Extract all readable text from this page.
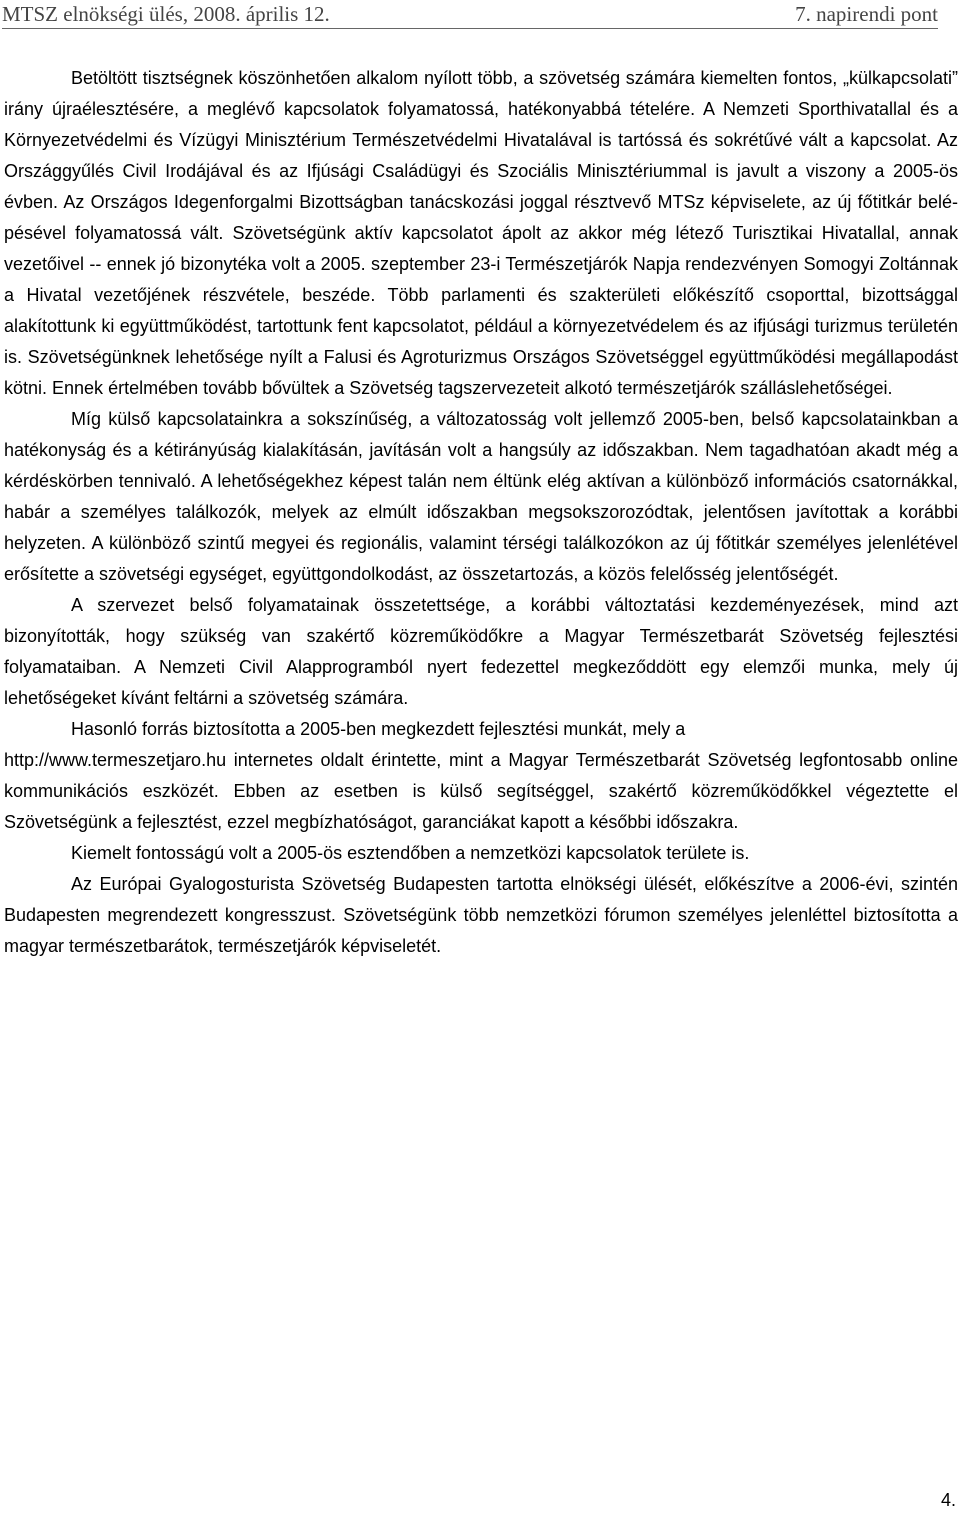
MTSZ elnökségi ülés, 2008. április 12.	7. napirendi pont

Betöltött tisztségnek köszönhetően alkalom nyílott több, a szövetség számára kiemelten fontos, „külkapcsolati” irány újraélesztésére, a meglévő kapcsolatok folyamatossá, hatékonyabbá tételére. A Nemzeti Sporthivatallal és a Környezetvédelmi és Vízügyi Minisztérium Természetvédelmi Hivatalával is tartóssá és sokrétűvé vált a kapcsolat. Az Országgyűlés Civil Irodájával és az Ifjúsági Családügyi és Szociális Minisztériummal is javult a viszony a 2005-ös évben. Az Országos Idegenforgalmi Bizottságban tanácskozási joggal résztvevő MTSz képviselete, az új főtitkár belépésével folyamatossá vált. Szövetségünk aktív kapcsolatot ápolt az akkor még létező Turisztikai Hivatallal, annak vezetőivel -- ennek jó bizonytéka volt a 2005. szeptember 23-i Természetjárók Napja rendezvényen Somogyi Zoltánnak a Hivatal vezetőjének részvétele, beszéde. Több parlamenti és szakterületi előkészítő csoporttal, bizottsággal alakítottunk ki együttműködést, tartottunk fent kapcsolatot, például a környezetvédelem és az ifjúsági turizmus területén is. Szövetségünknek lehetősége nyílt a Falusi és Agroturizmus Országos Szövetséggel együttműködési megállapodást kötni. Ennek értelmében tovább bővültek a Szövetség tagszervezeteit alkotó természetjárók szálláslehetőségei.

Míg külső kapcsolatainkra a sokszínűség, a változatosság volt jellemző 2005-ben, belső kapcsolatainkban a hatékonyság és a kétirányúság kialakításán, javításán volt a hangsúly az időszakban. Nem tagadhatóan akadt még a kérdéskörben tennivaló. A lehetőségekhez képest talán nem éltünk elég aktívan a különböző információs csatornákkal, habár a személyes találkozók, melyek az elmúlt időszakban megsokszorozódtak, jelentősen javítottak a korábbi helyzeten. A különböző szintű megyei és regionális, valamint térségi találkozókon az új főtitkár személyes jelenlétével erősítette a szövetségi egységet, együttgondolkodást, az összetartozás, a közös felelősség jelentőségét.

A szervezet belső folyamatainak összetettsége, a korábbi változtatási kezdeményezések, mind azt bizonyították, hogy szükség van szakértő közreműködőkre a Magyar Természetbarát Szövetség fejlesztési folyamataiban. A Nemzeti Civil Alapprogramból nyert fedezettel megkeződdött egy elemzői munka, mely új lehetőségeket kívánt feltárni a szövetség számára.

Hasonló forrás biztosította a 2005-ben megkezdett fejlesztési munkát, mely a

http://www.termeszetjaro.hu internetes oldalt érintette, mint a Magyar Természetbarát Szövetség legfontosabb online kommunikációs eszközét. Ebben az esetben is külső segítséggel, szakértő közreműködőkkel végeztette el Szövetségünk a fejlesztést, ezzel megbízhatóságot, garanciákat kapott a későbbi időszakra.

Kiemelt fontosságú volt a 2005-ös esztendőben a nemzetközi kapcsolatok területe is.

Az Európai Gyalogosturista Szövetség Budapesten tartotta elnökségi ülését, előkészítve a 2006-évi, szintén Budapesten megrendezett kongresszust. Szövetségünk több nemzetközi fórumon személyes jelenléttel biztosította a magyar természetbarátok, természetjárók képviseletét.

4.
